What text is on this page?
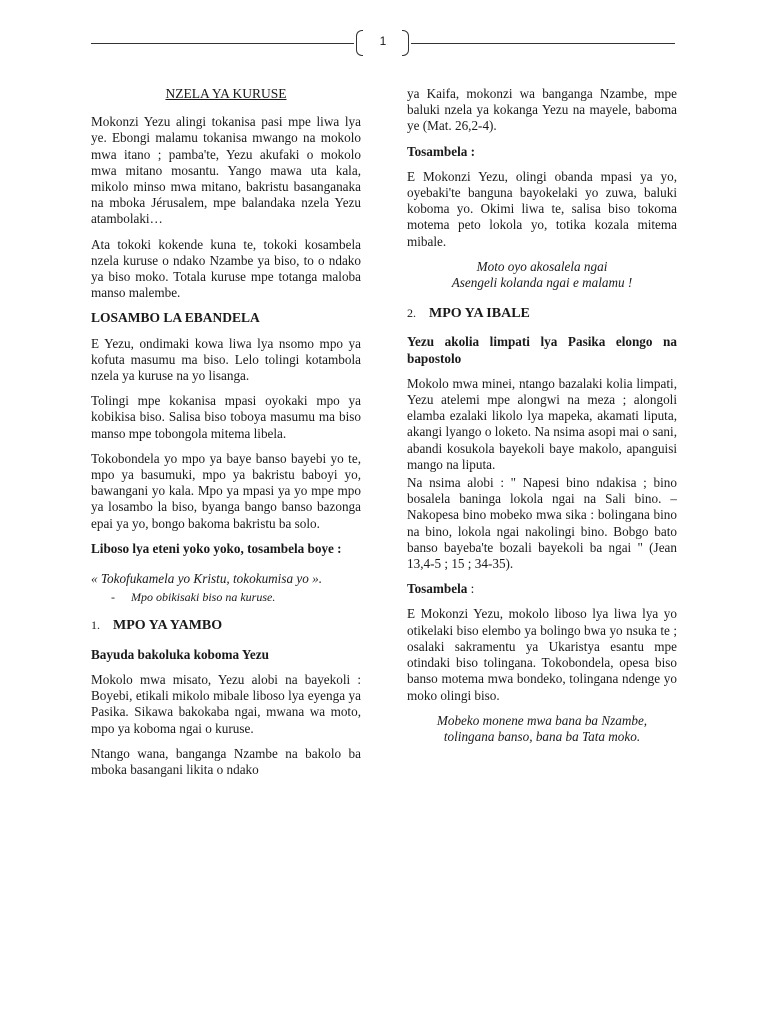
1

NZELA YA KURUSE

Mokonzi Yezu alingi tokanisa pasi mpe liwa lya ye. Ebongi malamu tokanisa mwango na mokolo mwa itano ; pamba'te, Yezu akufaki o mokolo mwa mitano mosantu. Yango mawa uta kala, mikolo minso mwa mitano, bakristu basanganaka na mboka Jérusalem, mpe balandaka nzela Yezu atambolaki…

Ata tokoki kokende kuna te, tokoki kosambela nzela kuruse o ndako Nzambe ya biso, to o ndako ya biso moko. Totala kuruse mpe totanga maloba manso malembe.

LOSAMBO LA EBANDELA

E Yezu, ondimaki kowa liwa lya nsomo mpo ya kofuta masumu ma biso. Lelo tolingi kotambola nzela ya kuruse na yo lisanga.

Tolingi mpe kokanisa mpasi oyokaki mpo ya kobikisa biso. Salisa biso toboya masumu ma biso manso mpe tobongola mitema libela.

Tokobondela yo mpo ya baye banso bayebi yo te, mpo ya basumuki, mpo ya bakristu baboyi yo, bawangani yo kala. Mpo ya mpasi ya yo mpe mpo ya losambo la biso, byanga bango banso bazonga epai ya yo, bongo bakoma bakristu ba solo.

Liboso lya eteni yoko yoko, tosambela boye :

« Tokofukamela yo Kristu, tokokumisa yo ».

- Mpo obikisaki biso na kuruse.

1. MPO YA YAMBO

Bayuda bakoluka koboma Yezu

Mokolo mwa misato, Yezu alobi na bayekoli : Boyebi, etikali mikolo mibale liboso lya eyenga ya Pasika. Sikawa bakokaba ngai, mwana wa moto, mpo ya koboma ngai o kuruse.

Ntango wana, banganga Nzambe na bakolo ba mboka basangani likita o ndako

ya Kaifa, mokonzi wa banganga Nzambe, mpe baluki nzela ya kokanga Yezu na mayele, baboma ye (Mat. 26,2-4).

Tosambela :

E Mokonzi Yezu, olingi obanda mpasi ya yo, oyebaki'te banguna bayokelaki yo zuwa, baluki koboma yo. Okimi liwa te, salisa biso tokoma motema peto lokola yo, totika kozala mitema mibale.

Moto oyo akosalela ngai
Asengeli kolanda ngai e malamu !

2. MPO YA IBALE

Yezu akolia limpati lya Pasika elongo na bapostolo

Mokolo mwa minei, ntango bazalaki kolia limpati, Yezu atelemi mpe alongwi na meza ; alongoli elamba ezalaki likolo lya mapeka, akamati liputa, akangi lyango o loketo. Na nsima asopi mai o sani, abandi kosukola bayekoli baye makolo, apanguisi mango na liputa.

Na nsima alobi : " Napesi bino ndakisa ; bino bosalela baninga lokola ngai na Sali bino. – Nakopesa bino mobeko mwa sika : bolingana bino na bino, lokola ngai nakolingi bino. Bobgo bato banso bayeba'te bozali bayekoli ba ngai " (Jean 13,4-5 ; 15 ; 34-35).

Tosambela :

E Mokonzi Yezu, mokolo liboso lya liwa lya yo otikelaki biso elembo ya bolingo bwa yo nsuka te ; osalaki sakramentu ya Ukaristya esantu mpe otindaki biso tolingana. Tokobondela, opesa biso banso motema mwa bondeko, tolingana ndenge yo moko olingi biso.

Mobeko monene mwa bana ba Nzambe,
tolingana banso, bana ba Tata moko.
